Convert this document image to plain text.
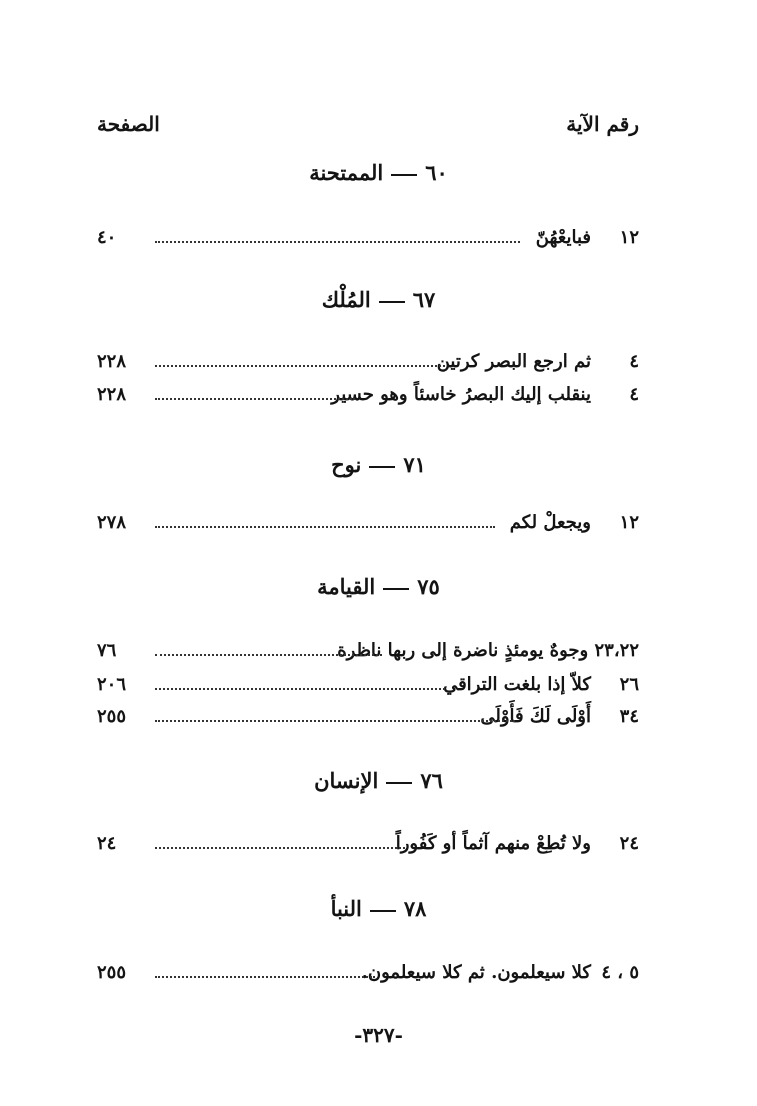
رقم الآية
الصفحة
٦٠الممتحنة
١٢
فبايعْهُنّ
٤٠
٦٧المُلْك
٤
ثم ارجع البصر كرتين
٢٢٨
٤
ينقلب إليك البصرُ خاسئاً وهو حسير
٢٢٨
٧١نوح
١٢
ويجعلْ لكم
٢٧٨
٧٥القيامة
٢٣،٢٢ وجوهٌ يومئذٍ ناضرة إلى ربها ناظرة
٧٦
٢٦
كلاّ إذا بلغت التراقي
٢٠٦
٣٤
أَوْلَى لَكَ فَأَوْلَى
٢٥٥
٧٦الإنسان
٢٤
ولا تُطِعْ منهم آثماً أو كَفُوراً
٢٤
٧٨النبأ
٥ ، ٤
كلا سيعلمون. ثم كلا سيعلمون.
٢٥٥
-٣٢٧-
